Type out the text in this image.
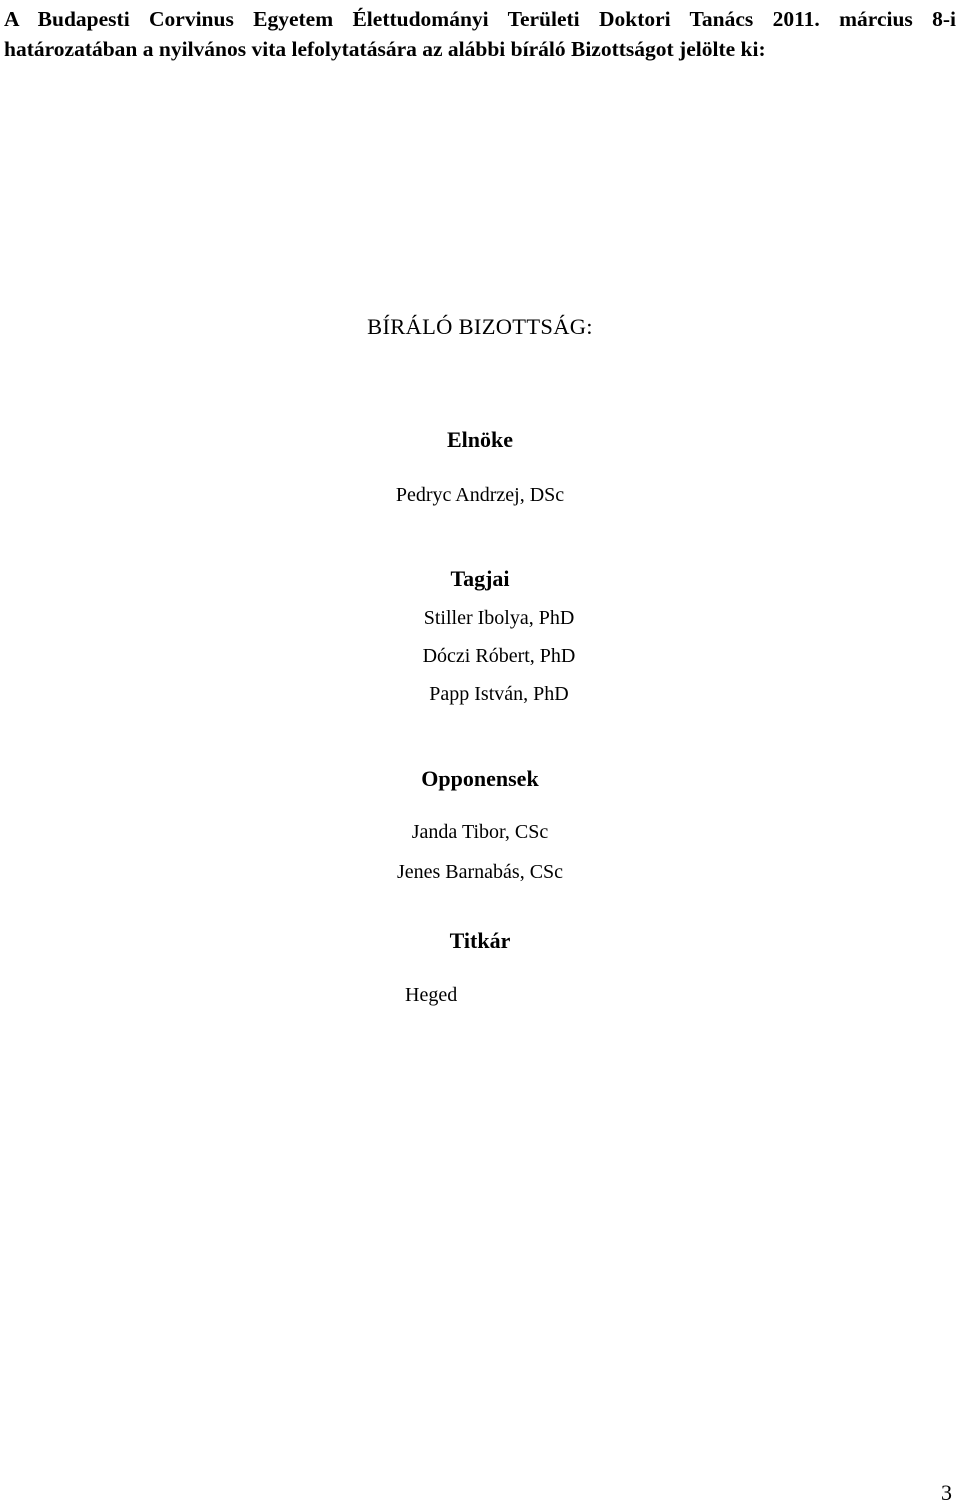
A Budapesti Corvinus Egyetem Élettudományi Területi Doktori Tanács 2011. március 8-i
határozatában a nyilvános vita lefolytatására az alábbi bíráló Bizottságot jelölte ki:

BÍRÁLÓ BIZOTTSÁG:

Elnöke

Pedryc Andrzej, DSc

Tagjai

Stiller Ibolya, PhD

Dóczi Róbert, PhD

Papp István, PhD

Opponensek

Janda Tibor, CSc

Jenes Barnabás, CSc

Titkár

Heged

3
